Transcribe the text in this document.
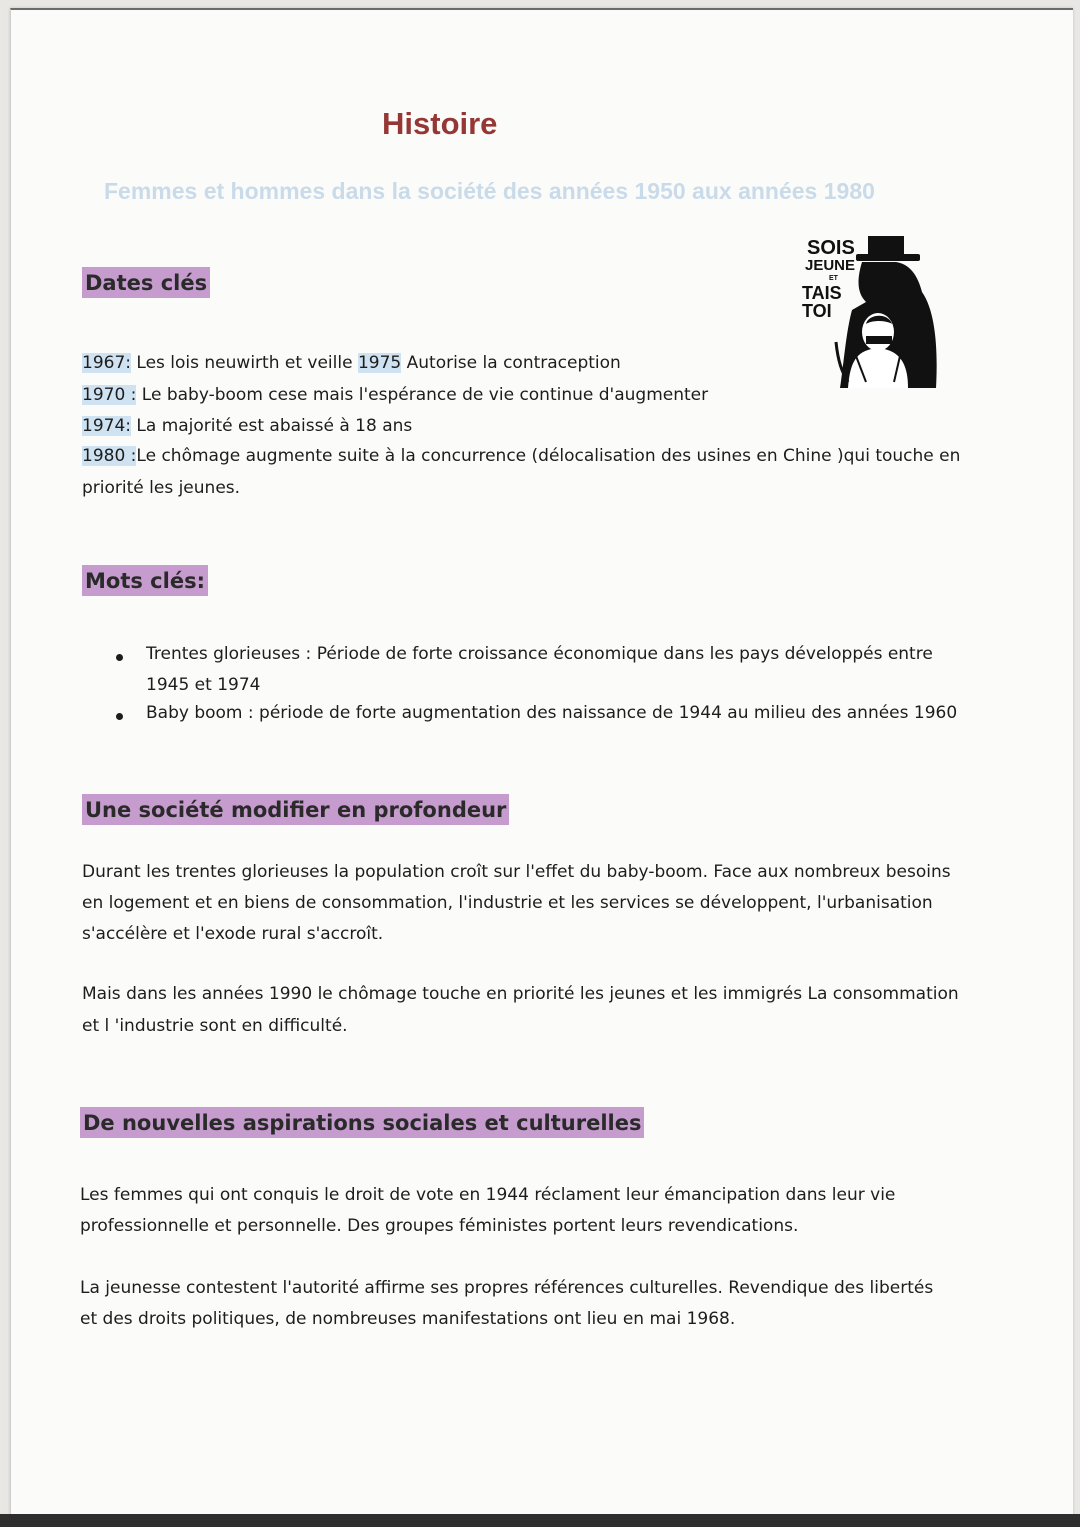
Histoire
Femmes et hommes dans la société des années 1950 aux années 1980
SOIS
JEUNE
ET
TAIS
TOI
Dates clés
1967: Les lois neuwirth et veille 1975 Autorise la contraception
1970 : Le baby-boom cese mais l'espérance de vie continue d'augmenter
1974: La majorité est abaissé à 18 ans
1980 :Le chômage augmente suite à la concurrence (délocalisation des usines en Chine )qui touche en
priorité les jeunes.
Mots clés:
Trentes glorieuses : Période de forte croissance économique dans les pays développés entre
1945 et 1974
Baby boom : période de forte augmentation des naissance de 1944 au milieu des années 1960
Une société modifier en profondeur
Durant les trentes glorieuses la population croît sur l'effet du baby-boom. Face aux nombreux besoins
en logement et en biens de consommation, l'industrie et les services se développent, l'urbanisation
s'accélère et l'exode rural s'accroît.
Mais dans les années 1990 le chômage touche en priorité les jeunes et les immigrés La consommation
et l 'industrie sont en difficulté.
De nouvelles aspirations sociales et culturelles
Les femmes qui ont conquis le droit de vote en 1944 réclament leur émancipation dans leur vie
professionnelle et personnelle. Des groupes féministes portent leurs revendications.
La jeunesse contestent l'autorité affirme ses propres références culturelles. Revendique des libertés
et des droits politiques, de nombreuses manifestations ont lieu en mai 1968.
